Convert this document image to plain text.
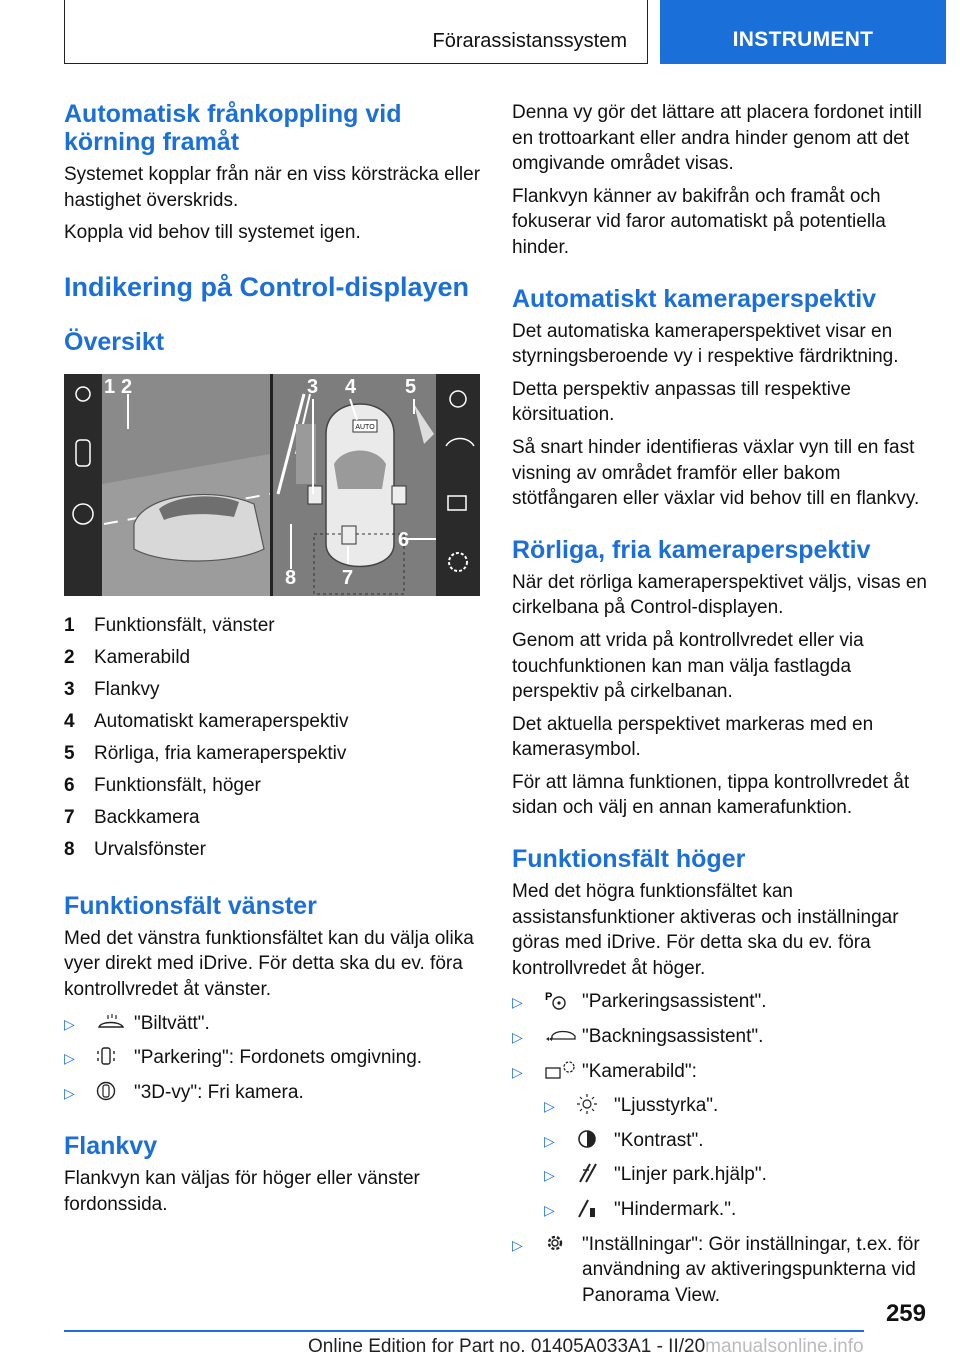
Förarassistanssystem	INSTRUMENT
Automatisk frånkoppling vid körning framåt

Systemet kopplar från när en viss körsträcka eller hastighet överskrids.

Koppla vid behov till systemet igen.

Indikering på Control-displayen
Översikt
AUTO
1 2	3 4 5
6
7
8
1	Funktionsfält, vänster
2	Kamerabild
3	Flankvy
4	Automatiskt kameraperspektiv
5	Rörliga, fria kameraperspektiv
6	Funktionsfält, höger
7	Backkamera
8	Urvalsfönster
Funktionsfält vänster

Med det vänstra funktionsfältet kan du välja olika vyer direkt med iDrive. För detta ska du ev. föra kontrollvredet åt vänster.

▷	"Biltvätt".
▷	"Parkering": Fordonets omgivning.
▷	"3D-vy": Fri kamera.
Flankvy

Flankvyn kan väljas för höger eller vänster fordonssida.

Denna vy gör det lättare att placera fordonet intill en trottoarkant eller andra hinder genom att det omgivande området visas.

Flankvyn känner av bakifrån och framåt och fokuserar vid faror automatiskt på potentiella hinder.

Automatiskt kameraperspektiv

Det automatiska kameraperspektivet visar en styrningsberoende vy i respektive färdriktning.

Detta perspektiv anpassas till respektive körsituation.

Så snart hinder identifieras växlar vyn till en fast visning av området framför eller bakom stötfångaren eller växlar vid behov till en flankvy.

Rörliga, fria kameraperspektiv

När det rörliga kameraperspektivet väljs, visas en cirkelbana på Control-displayen.

Genom att vrida på kontrollvredet eller via touchfunktionen kan man välja fastlagda perspektiv på cirkelbanan.

Det aktuella perspektivet markeras med en kamerasymbol.

För att lämna funktionen, tippa kontrollvredet åt sidan och välj en annan kamerafunktion.

Funktionsfält höger

Med det högra funktionsfältet kan assistansfunktioner aktiveras och inställningar göras med iDrive. För detta ska du ev. föra kontrollvredet åt höger.

▷	P "Parkeringsassistent".
▷	"Backningsassistent".
▷	"Kamerabild":
▷	"Ljusstyrka".
▷	"Kontrast".
▷	"Linjer park.hjälp".
▷	"Hindermark.".
▷	"Inställningar": Gör inställningar, t.ex. för användning av aktiveringspunkterna vid Panorama View.
259
Online Edition for Part no. 01405A033A1 - II/20manualsonline.info
